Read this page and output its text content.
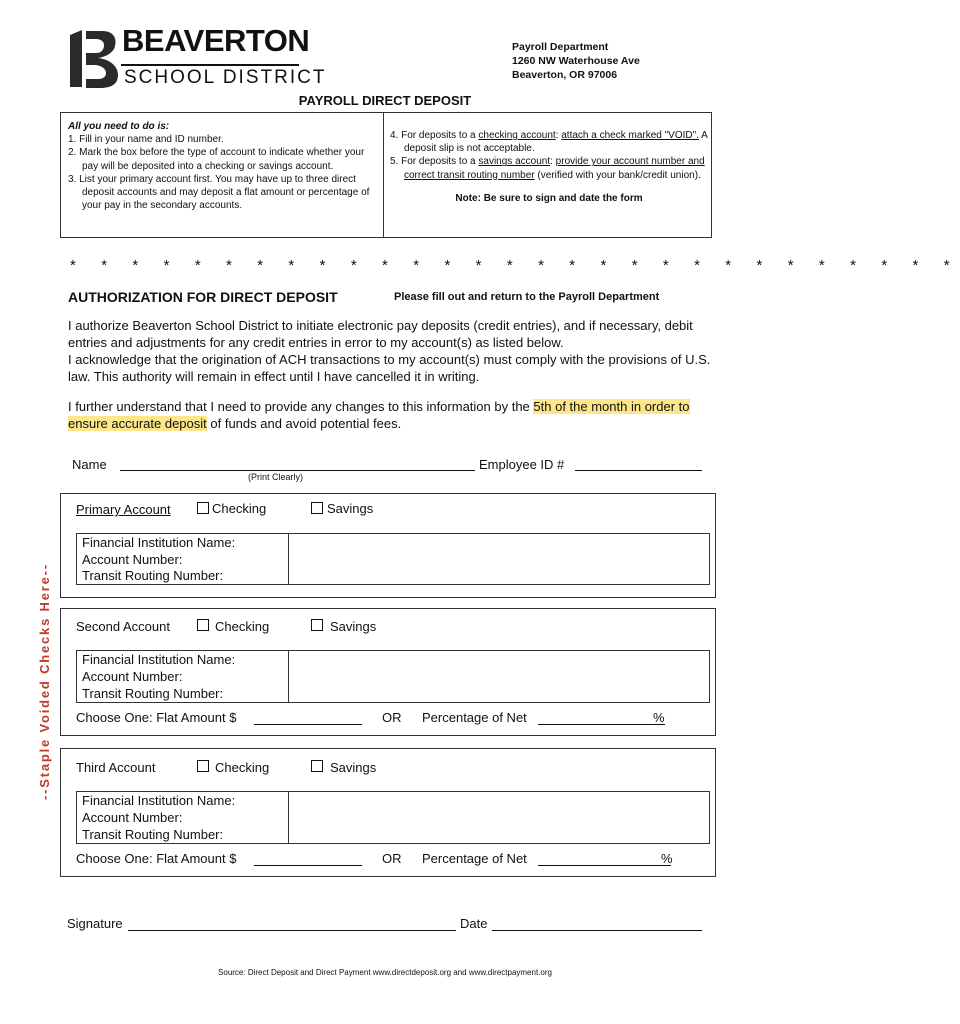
BEAVERTON
SCHOOL DISTRICT
Payroll Department
1260 NW Waterhouse Ave
Beaverton, OR 97006
PAYROLL DIRECT DEPOSIT
All you need to do is:
1. Fill in your name and ID number.
2. Mark the box before the type of account to indicate whether your pay will be deposited into a checking or savings account.
3. List your primary account first. You may have up to three direct deposit accounts and may deposit a flat amount or percentage of your pay in the secondary accounts.
4. For deposits to a checking account: attach a check marked "VOID". A deposit slip is not acceptable.
5. For deposits to a savings account: provide your account number and correct transit routing number (verified with your bank/credit union).
Note: Be sure to sign and date the form
* * * * * * * * * * * * * * * * * * * * * * * * * * * * *
AUTHORIZATION FOR DIRECT DEPOSIT	Please fill out and return to the Payroll Department
I authorize Beaverton School District to initiate electronic pay deposits (credit entries), and if necessary, debit entries and adjustments for any credit entries in error to my account(s) as listed below.
I acknowledge that the origination of ACH transactions to my account(s) must comply with the provisions of U.S. law. This authority will remain in effect until I have cancelled it in writing.
I further understand that I need to provide any changes to this information by the 5th of the month in order to ensure accurate deposit of funds and avoid potential fees.
Name
(Print Clearly)
Employee ID #
--Staple Voided Checks Here--
Primary Account	Checking	Savings
Financial Institution Name:
Account Number:
Transit Routing Number:
Second Account	Checking	Savings
Financial Institution Name:
Account Number:
Transit Routing Number:
Choose One: Flat Amount $	OR Percentage of Net	%
Third Account	Checking	Savings
Financial Institution Name:
Account Number:
Transit Routing Number:
Choose One: Flat Amount $	OR Percentage of Net	%
Signature	Date
Source: Direct Deposit and Direct Payment www.directdeposit.org and www.directpayment.org
